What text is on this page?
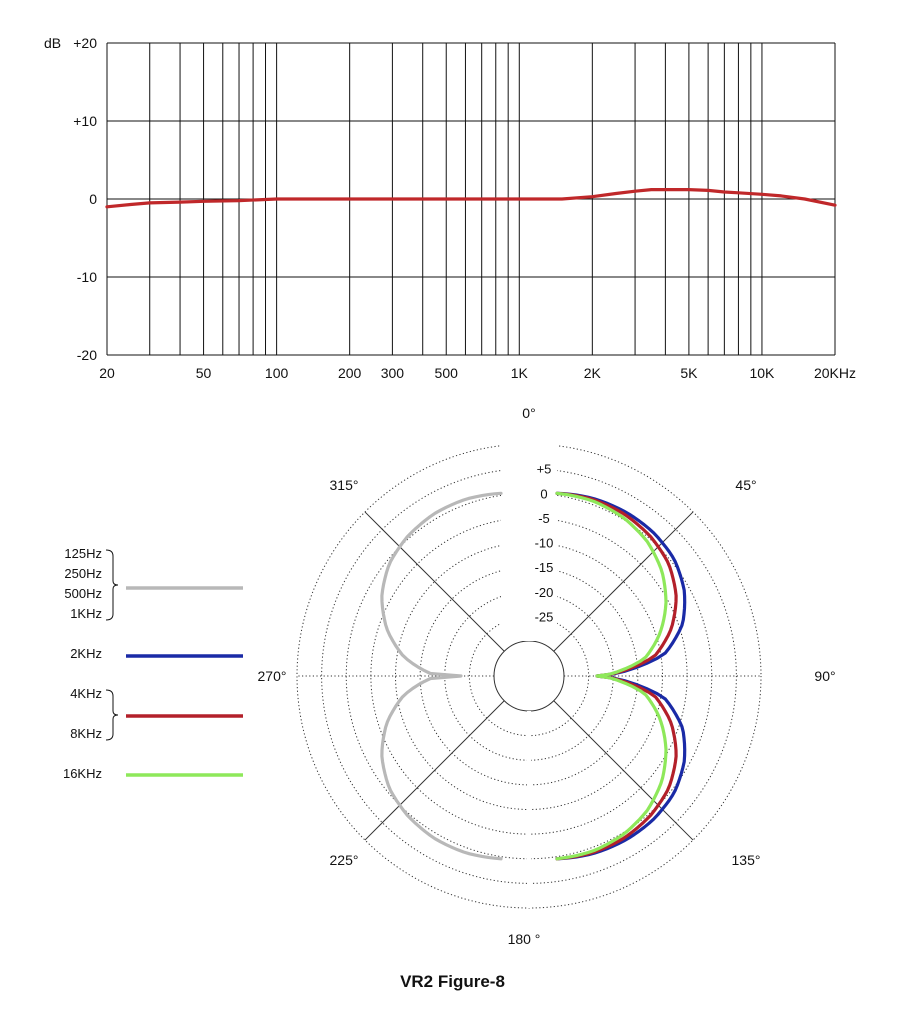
+20
+10
0
-10
-20
dB
20	50	100	200 300 500	1K	2K	5K	10K	20KHz
+5
0
-5
-10
-15
-20
-25
0°
45°
90°
135°
180 °
225°
270°
315°
125Hz
250Hz
500Hz
1KHz
2KHz
4KHz
8KHz
16KHz
VR2 Figure-8
